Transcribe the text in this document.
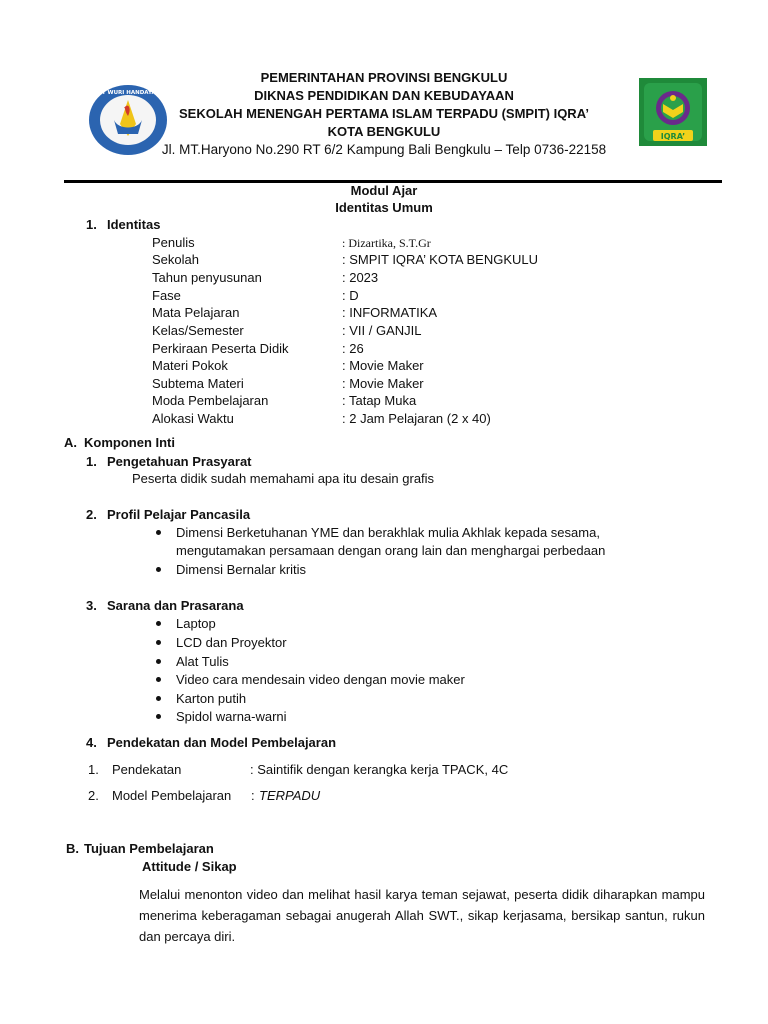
TUT WURI HANDAYANI
IQRA’
PEMERINTAHAN PROVINSI BENGKULU
DIKNAS PENDIDIKAN DAN KEBUDAYAAN
SEKOLAH MENENGAH PERTAMA ISLAM TERPADU (SMPIT) IQRA’
KOTA BENGKULU
Jl. MT.Haryono No.290 RT 6/2 Kampung Bali Bengkulu – Telp 0736-22158
Modul Ajar
Identitas Umum
1. Identitas
Penulis	: Dizartika, S.T.Gr
Sekolah	: SMPIT IQRA’ KOTA BENGKULU
Tahun penyusunan	: 2023
Fase	: D
Mata Pelajaran	: INFORMATIKA
Kelas/Semester	: VII / GANJIL
Perkiraan Peserta Didik	: 26
Materi Pokok	: Movie Maker
Subtema Materi	: Movie Maker
Moda Pembelajaran	: Tatap Muka
Alokasi Waktu	: 2 Jam Pelajaran (2 x 40)
A. Komponen Inti
1. Pengetahuan Prasyarat
Peserta didik sudah memahami apa itu desain grafis
2. Profil Pelajar Pancasila
Dimensi Berketuhanan YME dan berakhlak mulia Akhlak kepada sesama,
mengutamakan persamaan dengan orang lain dan menghargai perbedaan
Dimensi Bernalar kritis
3. Sarana dan Prasarana
Laptop
LCD dan Proyektor
Alat Tulis
Video cara mendesain video dengan movie maker
Karton putih
Spidol warna-warni
4. Pendekatan dan Model Pembelajaran
1. Pendekatan	: Saintifik dengan kerangka kerja TPACK, 4C
2. Model Pembelajaran : TERPADU
B. Tujuan Pembelajaran
Attitude / Sikap
Melalui menonton video dan melihat hasil karya teman sejawat, peserta didik diharapkan mampu menerima keberagaman sebagai anugerah Allah SWT., sikap kerjasama, bersikap santun, rukun dan percaya diri.
